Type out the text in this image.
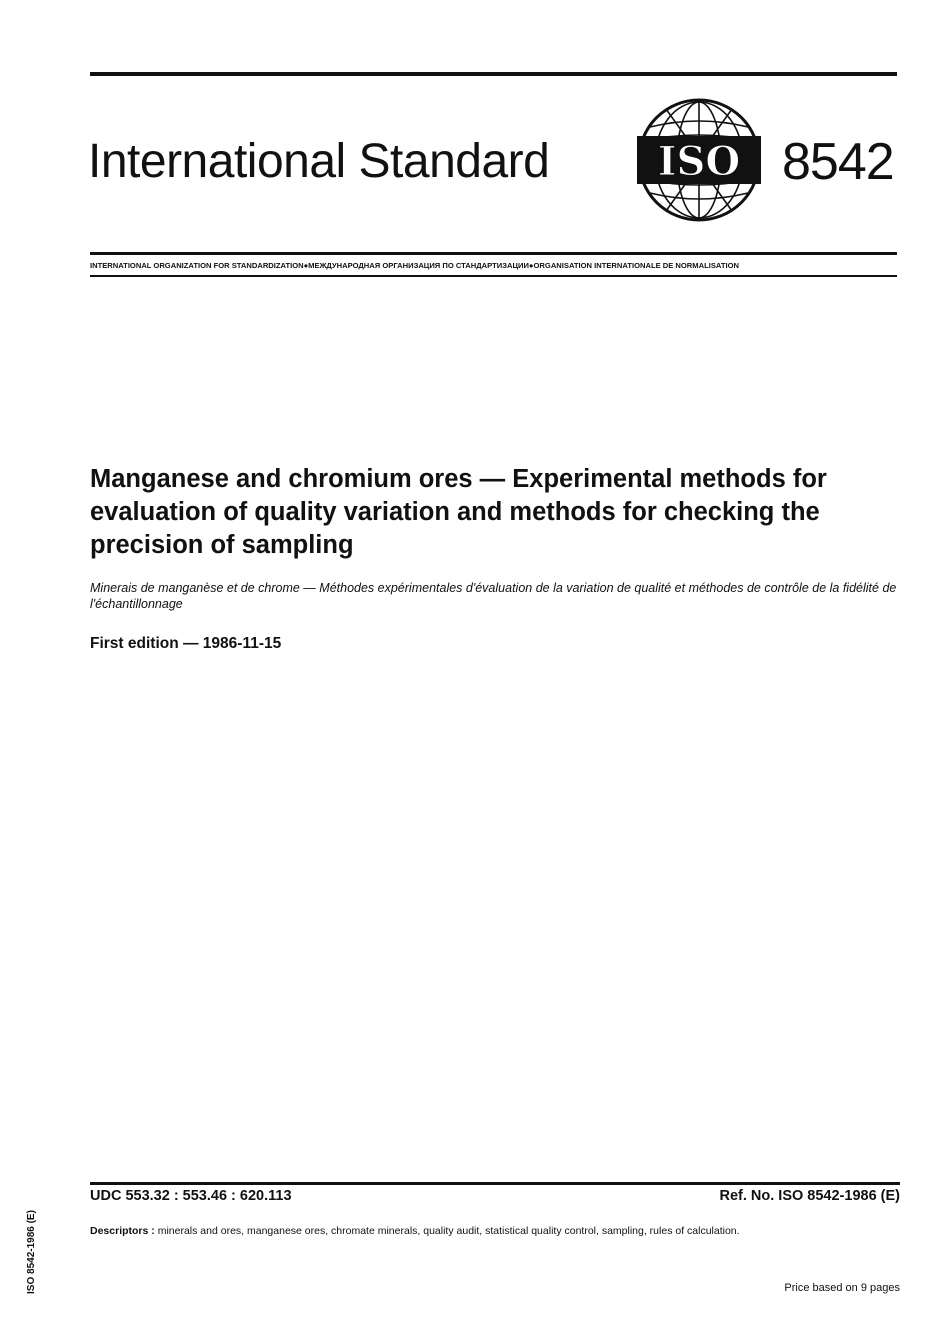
International Standard	ISO 8542
INTERNATIONAL ORGANIZATION FOR STANDARDIZATION●МЕЖДУНАРОДНАЯ ОРГАНИЗАЦИЯ ПО СТАНДАРТИЗАЦИИ●ORGANISATION INTERNATIONALE DE NORMALISATION
Manganese and chromium ores — Experimental methods for evaluation of quality variation and methods for checking the precision of sampling

Minerais de manganèse et de chrome — Méthodes expérimentales d'évaluation de la variation de qualité et méthodes de contrôle de la fidélité de l'échantillonnage

First edition — 1986-11-15
ISO 8542-1986 (E)
UDC 553.32 : 553.46 : 620.113	Ref. No. ISO 8542-1986 (E)
Descriptors : minerals and ores, manganese ores, chromate minerals, quality audit, statistical quality control, sampling, rules of calculation.
Price based on 9 pages
